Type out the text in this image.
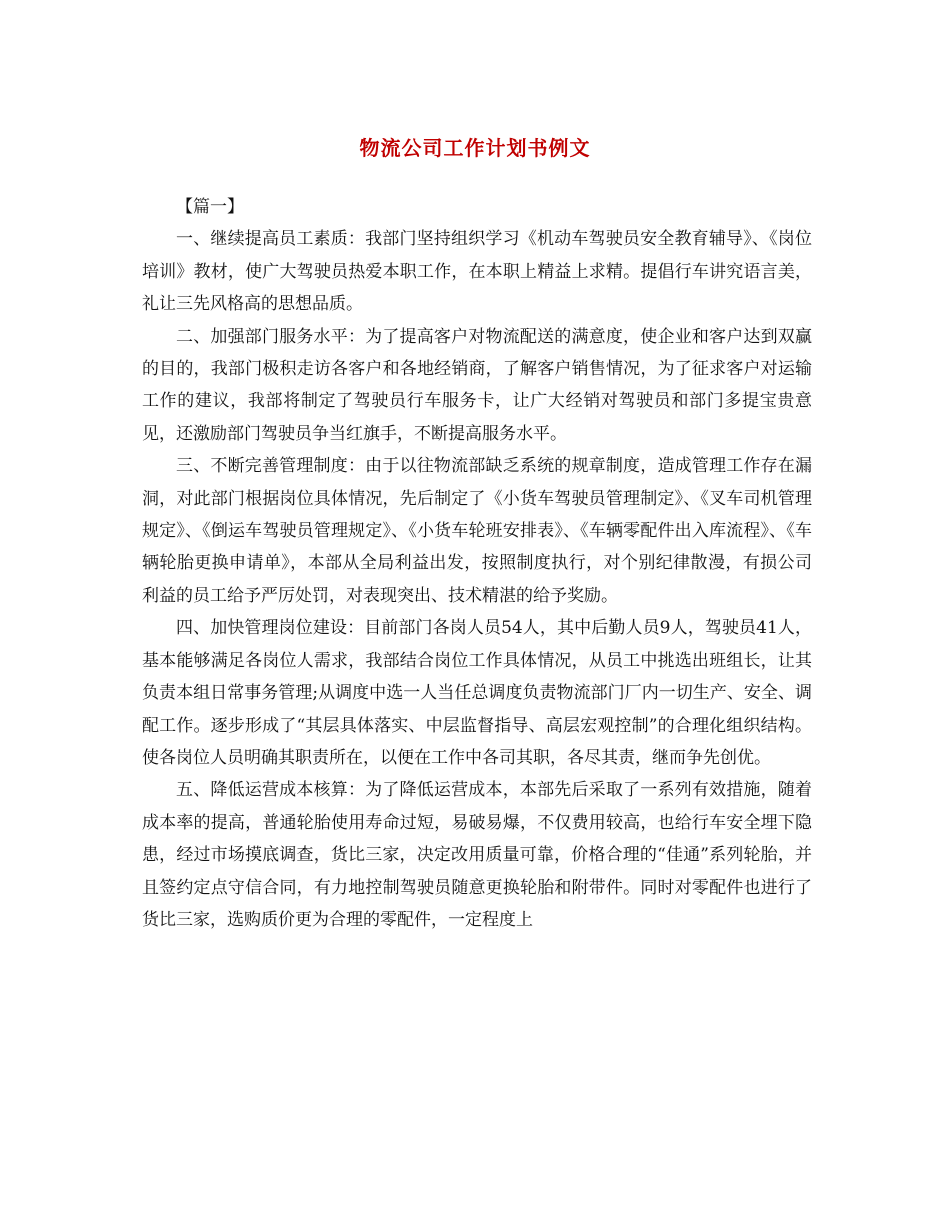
物流公司工作计划书例文

【篇一】

一、继续提高员工素质：我部门坚持组织学习《机动车驾驶员安全教育辅导》、《岗位培训》教材，使广大驾驶员热爱本职工作，在本职上精益上求精。提倡行车讲究语言美，礼让三先风格高的思想品质。

二、加强部门服务水平：为了提高客户对物流配送的满意度，使企业和客户达到双赢的目的，我部门极积走访各客户和各地经销商，了解客户销售情况，为了征求客户对运输工作的建议，我部将制定了驾驶员行车服务卡，让广大经销对驾驶员和部门多提宝贵意见，还激励部门驾驶员争当红旗手，不断提高服务水平。

三、不断完善管理制度：由于以往物流部缺乏系统的规章制度，造成管理工作存在漏洞，对此部门根据岗位具体情况，先后制定了《小货车驾驶员管理制定》、《叉车司机管理规定》、《倒运车驾驶员管理规定》、《小货车轮班安排表》、《车辆零配件出入库流程》、《车辆轮胎更换申请单》，本部从全局利益出发，按照制度执行，对个别纪律散漫，有损公司利益的员工给予严厉处罚，对表现突出、技术精湛的给予奖励。

四、加快管理岗位建设：目前部门各岗人员54人，其中后勤人员9人，驾驶员41人，基本能够满足各岗位人需求，我部结合岗位工作具体情况，从员工中挑选出班组长，让其负责本组日常事务管理;从调度中选一人当任总调度负责物流部门厂内一切生产、安全、调配工作。逐步形成了“其层具体落实、中层监督指导、高层宏观控制”的合理化组织结构。使各岗位人员明确其职责所在，以便在工作中各司其职，各尽其责，继而争先创优。

五、降低运营成本核算：为了降低运营成本，本部先后采取了一系列有效措施，随着成本率的提高，普通轮胎使用寿命过短，易破易爆，不仅费用较高，也给行车安全埋下隐患，经过市场摸底调查，货比三家，决定改用质量可靠，价格合理的“佳通”系列轮胎，并且签约定点守信合同，有力地控制驾驶员随意更换轮胎和附带件。同时对零配件也进行了货比三家，选购质价更为合理的零配件，一定程度上
